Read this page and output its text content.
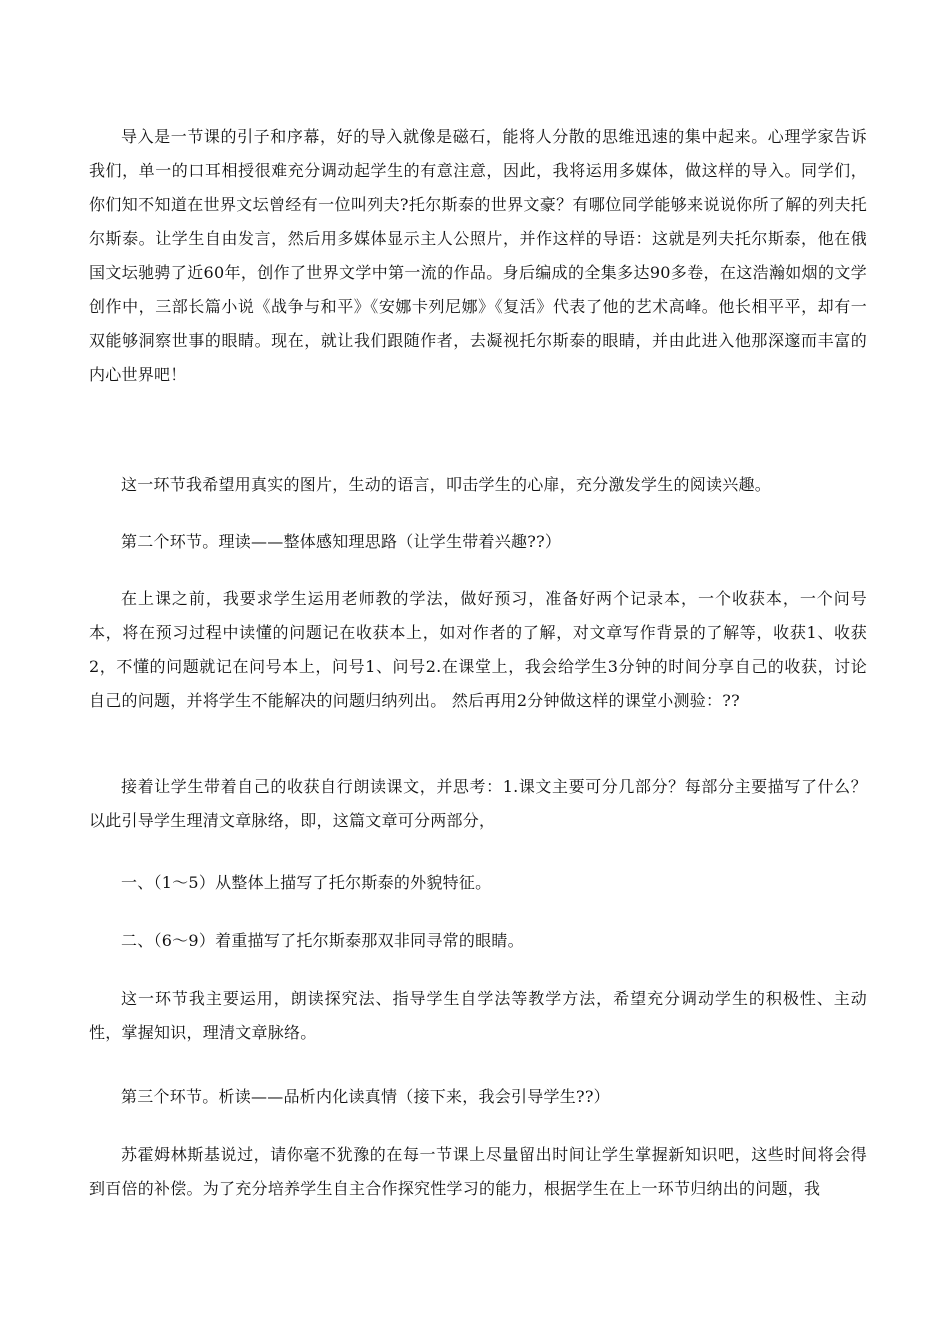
导入是一节课的引子和序幕，好的导入就像是磁石，能将人分散的思维迅速的集中起来。心理学家告诉我们，单一的口耳相授很难充分调动起学生的有意注意，因此，我将运用多媒体，做这样的导入。同学们，你们知不知道在世界文坛曾经有一位叫列夫?托尔斯泰的世界文豪？有哪位同学能够来说说你所了解的列夫托尔斯泰。让学生自由发言，然后用多媒体显示主人公照片，并作这样的导语：这就是列夫托尔斯泰，他在俄国文坛驰骋了近60年，创作了世界文学中第一流的作品。身后编成的全集多达90多卷，在这浩瀚如烟的文学创作中，三部长篇小说《战争与和平》《安娜卡列尼娜》《复活》代表了他的艺术高峰。他长相平平，却有一双能够洞察世事的眼睛。现在，就让我们跟随作者，去凝视托尔斯泰的眼睛，并由此进入他那深邃而丰富的内心世界吧！

这一环节我希望用真实的图片，生动的语言，叩击学生的心扉，充分激发学生的阅读兴趣。

第二个环节。理读——整体感知理思路（让学生带着兴趣??）

在上课之前，我要求学生运用老师教的学法，做好预习，准备好两个记录本，一个收获本，一个问号本，将在预习过程中读懂的问题记在收获本上，如对作者的了解，对文章写作背景的了解等，收获1、收获2，不懂的问题就记在问号本上，问号1、问号2.在课堂上，我会给学生3分钟的时间分享自己的收获，讨论自己的问题，并将学生不能解决的问题归纳列出。 然后再用2分钟做这样的课堂小测验：??

接着让学生带着自己的收获自行朗读课文，并思考：1.课文主要可分几部分？每部分主要描写了什么？以此引导学生理清文章脉络，即，这篇文章可分两部分，

一、（1～5）从整体上描写了托尔斯泰的外貌特征。

二、（6～9）着重描写了托尔斯泰那双非同寻常的眼睛。

这一环节我主要运用，朗读探究法、指导学生自学法等教学方法，希望充分调动学生的积极性、主动性，掌握知识，理清文章脉络。

第三个环节。析读——品析内化读真情（接下来，我会引导学生??）

苏霍姆林斯基说过，请你毫不犹豫的在每一节课上尽量留出时间让学生掌握新知识吧，这些时间将会得到百倍的补偿。为了充分培养学生自主合作探究性学习的能力，根据学生在上一环节归纳出的问题，我
